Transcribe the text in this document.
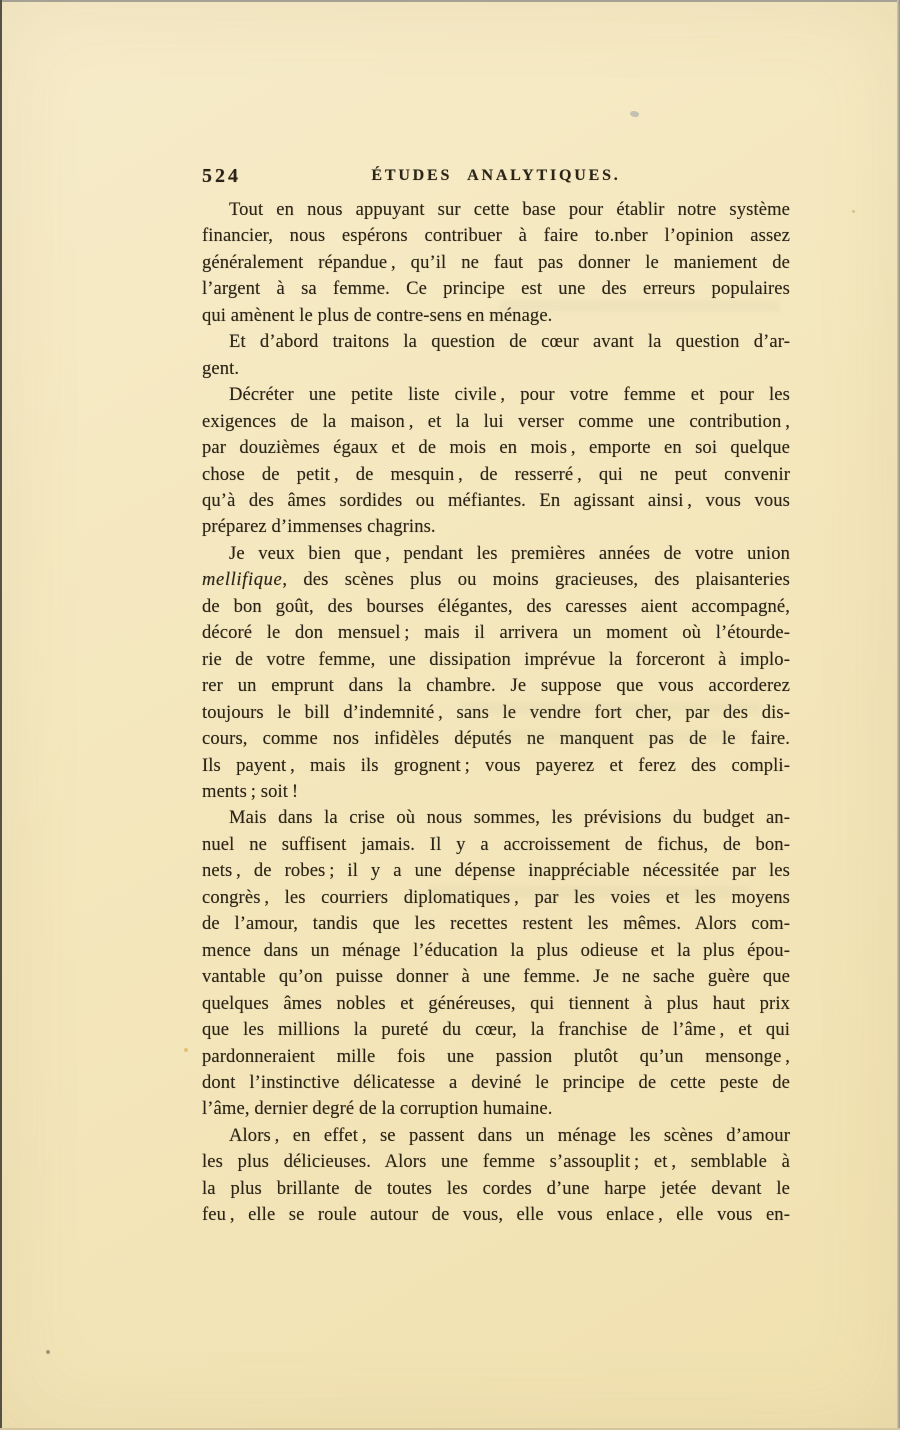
524	ÉTUDES ANALYTIQUES.
Tout en nous appuyant sur cette base pour établir notre système
financier, nous espérons contribuer à faire to.nber l’opinion assez
généralement répandue , qu’il ne faut pas donner le maniement de
l’argent à sa femme. Ce principe est une des erreurs populaires
qui amènent le plus de contre-sens en ménage.
Et d’abord traitons la question de cœur avant la question d’ar-
gent.
Décréter une petite liste civile , pour votre femme et pour les
exigences de la maison , et la lui verser comme une contribution ,
par douzièmes égaux et de mois en mois , emporte en soi quelque
chose de petit , de mesquin , de resserré , qui ne peut convenir
qu’à des âmes sordides ou méfiantes. En agissant ainsi , vous vous
préparez d’immenses chagrins.
Je veux bien que , pendant les premières années de votre union
mellifique, des scènes plus ou moins gracieuses, des plaisanteries
de bon goût, des bourses élégantes, des caresses aient accompagné,
décoré le don mensuel ; mais il arrivera un moment où l’étourde-
rie de votre femme, une dissipation imprévue la forceront à implo-
rer un emprunt dans la chambre. Je suppose que vous accorderez
toujours le bill d’indemnité , sans le vendre fort cher, par des dis-
cours, comme nos infidèles députés ne manquent pas de le faire.
Ils payent , mais ils grognent ; vous payerez et ferez des compli-
ments ; soit !
Mais dans la crise où nous sommes, les prévisions du budget an-
nuel ne suffisent jamais. Il y a accroissement de fichus, de bon-
nets , de robes ; il y a une dépense inappréciable nécessitée par les
congrès , les courriers diplomatiques , par les voies et les moyens
de l’amour, tandis que les recettes restent les mêmes. Alors com-
mence dans un ménage l’éducation la plus odieuse et la plus épou-
vantable qu’on puisse donner à une femme. Je ne sache guère que
quelques âmes nobles et généreuses, qui tiennent à plus haut prix
que les millions la pureté du cœur, la franchise de l’âme , et qui
pardonneraient mille fois une passion plutôt qu’un mensonge ,
dont l’instinctive délicatesse a deviné le principe de cette peste de
l’âme, dernier degré de la corruption humaine.
Alors , en effet , se passent dans un ménage les scènes d’amour
les plus délicieuses. Alors une femme s’assouplit ; et , semblable à
la plus brillante de toutes les cordes d’une harpe jetée devant le
feu , elle se roule autour de vous, elle vous enlace , elle vous en-
